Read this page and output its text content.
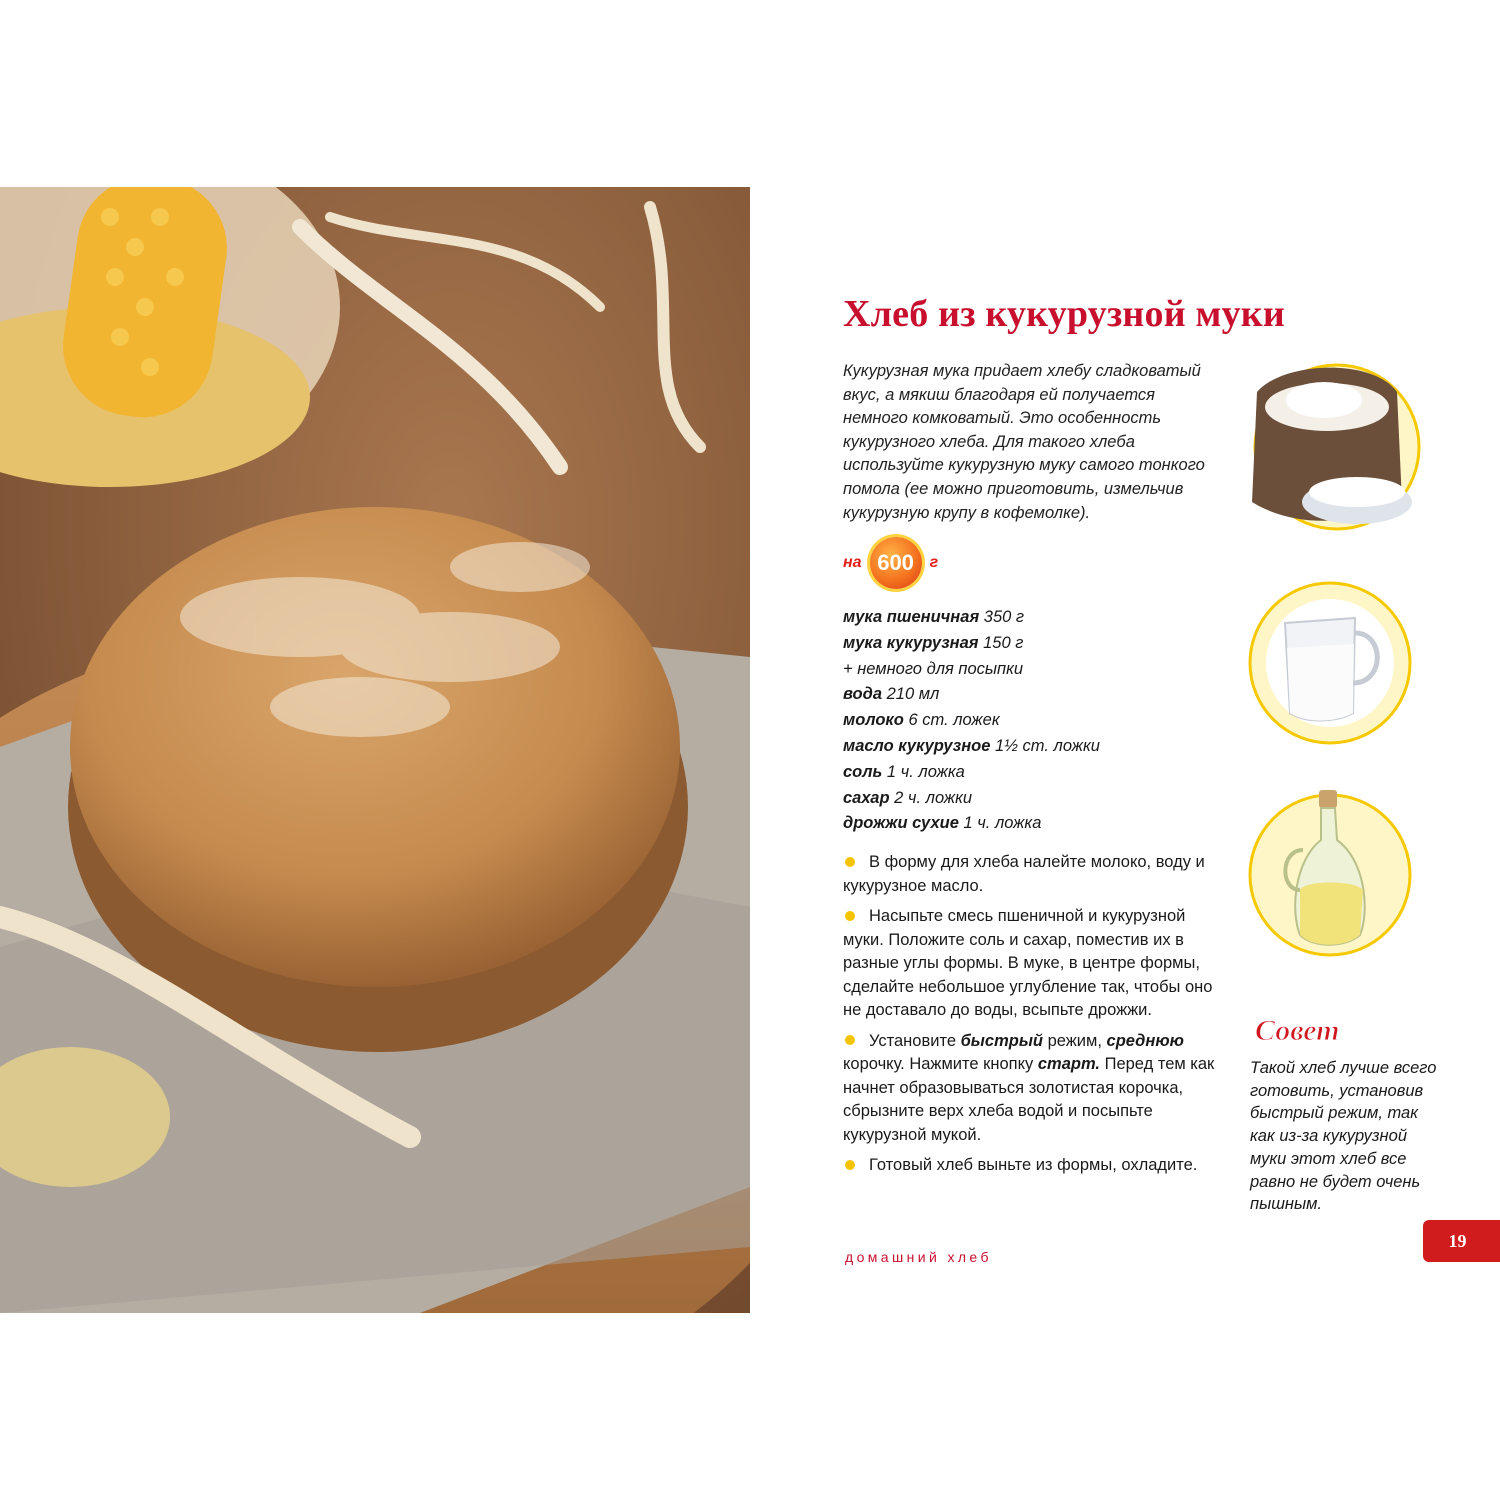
Хлеб из кукурузной муки

Кукурузная мука придает хлебу сладковатый вкус, а мякиш благодаря ей получается немного комковатый. Это особенность кукурузного хлеба. Для такого хлеба используйте кукурузную муку самого тонкого помола (ее можно приготовить, измельчив кукурузную крупу в кофемолке).

на 600 г
мука пшеничная 350 г
мука кукурузная 150 г
+ немного для посыпки
вода 210 мл
молоко 6 ст. ложек
масло кукурузное 1½ ст. ложки
соль 1 ч. ложка
сахар 2 ч. ложки
дрожжи сухие 1 ч. ложка
В форму для хлеба налейте молоко, воду и кукурузное масло.
Насыпьте смесь пшеничной и кукурузной муки. Положите соль и сахар, поместив их в разные углы формы. В муке, в центре формы, сделайте небольшое углубление так, чтобы оно не доставало до воды, всыпьте дрожжи.
Установите быстрый режим, среднюю корочку. Нажмите кнопку старт. Перед тем как начнет образовываться золотистая корочка, сбрызните верх хлеба водой и посыпьте кукурузной мукой.
Готовый хлеб выньте из формы, охладите.
Совет

Такой хлеб лучше всего готовить, установив быстрый режим, так как из-за кукурузной муки этот хлеб все равно не будет очень пышным.

домашний хлеб
19
